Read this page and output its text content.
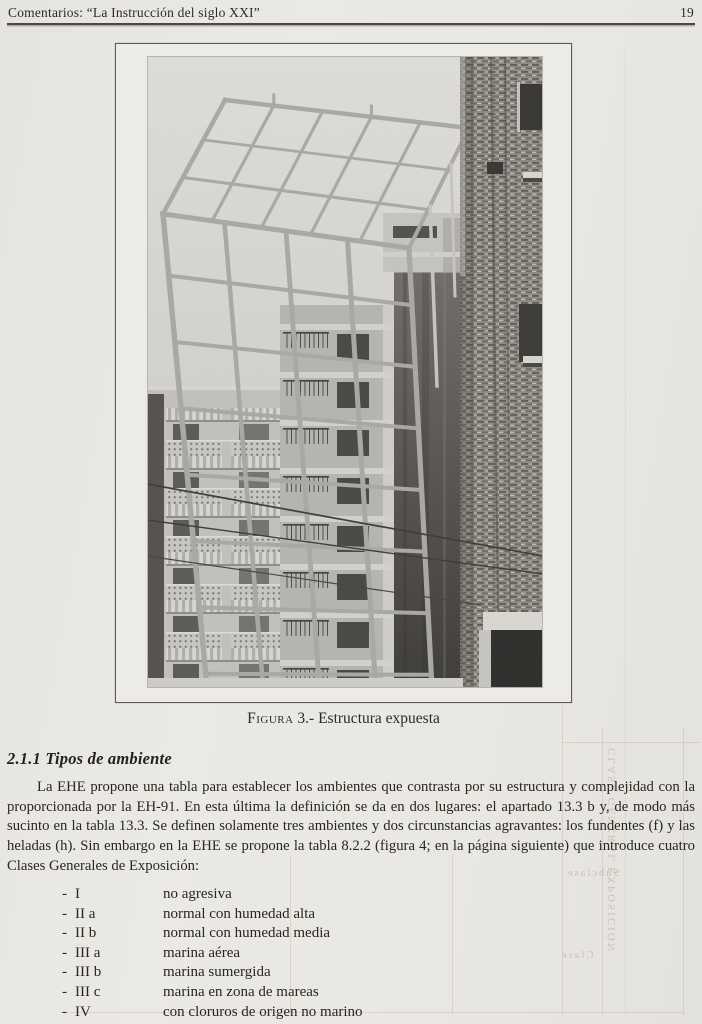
Comentarios: “La Instrucción del siglo XXI”	19
CLASE GENERAL EXPOSICIÓN
Subclase
Clase
Figura 3.- Estructura expuesta
2.1.1 Tipos de ambiente
La EHE propone una tabla para establecer los ambientes que contrasta por su estructura y complejidad con la proporcionada por la EH-91. En esta última la definición se da en dos lugares: el apartado 13.3 b y, de modo más sucinto en la tabla 13.3. Se definen solamente tres ambientes y dos circunstancias agravantes: los fundentes (f) y las heladas (h). Sin embargo en la EHE se propone la tabla 8.2.2 (figura 4; en la página siguiente) que introduce cuatro Clases Generales de Exposición:
- I	no agresiva
- II a	normal con humedad alta
- II b	normal con humedad media
- III a	marina aérea
- III b	marina sumergida
- III c	marina en zona de mareas
- IV	con cloruros de origen no marino
